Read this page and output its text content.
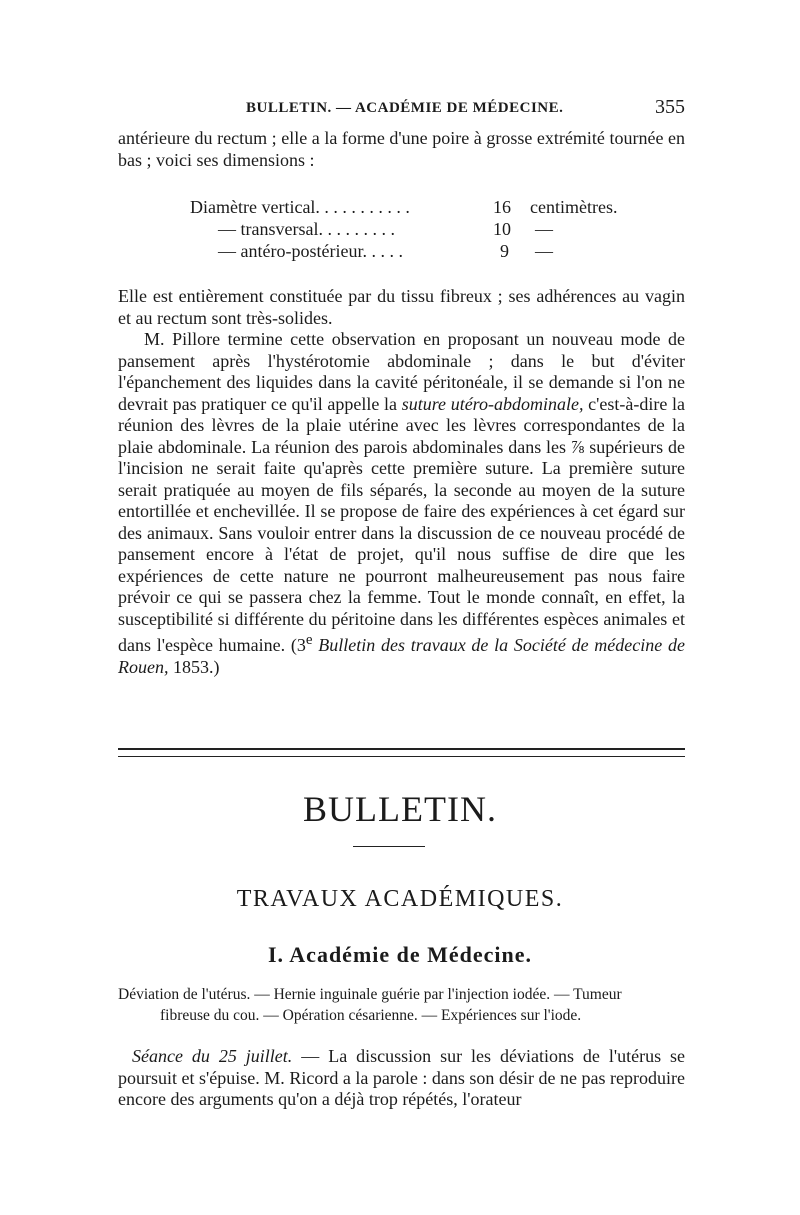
BULLETIN. — ACADÉMIE DE MÉDECINE.	355
antérieure du rectum ; elle a la forme d'une poire à grosse extrémité tournée en bas ; voici ses dimensions :
Diamètre vertical. . . . . . . . . . .	16 centimètres.
— transversal. . . . . . . . .	10 —
— antéro-postérieur. . . . .	9 —
Elle est entièrement constituée par du tissu fibreux ; ses adhérences au vagin et au rectum sont très-solides.
M. Pillore termine cette observation en proposant un nouveau mode de pansement après l'hystérotomie abdominale ; dans le but d'éviter l'épanchement des liquides dans la cavité péritonéale, il se demande si l'on ne devrait pas pratiquer ce qu'il appelle la suture utéro-abdominale, c'est-à-dire la réunion des lèvres de la plaie utérine avec les lèvres correspondantes de la plaie abdominale. La réunion des parois abdominales dans les ⅞ supérieurs de l'incision ne serait faite qu'après cette première suture. La première suture serait pratiquée au moyen de fils séparés, la seconde au moyen de la suture entortillée et enchevillée. Il se propose de faire des expériences à cet égard sur des animaux. Sans vouloir entrer dans la discussion de ce nouveau procédé de pansement encore à l'état de projet, qu'il nous suffise de dire que les expériences de cette nature ne pourront malheureusement pas nous faire prévoir ce qui se passera chez la femme. Tout le monde connaît, en effet, la susceptibilité si différente du péritoine dans les différentes espèces animales et dans l'espèce humaine. (3e Bulletin des travaux de la Société de médecine de Rouen, 1853.)
BULLETIN.
TRAVAUX ACADÉMIQUES.
I. Académie de Médecine.
Déviation de l'utérus. — Hernie inguinale guérie par l'injection iodée. — Tumeur
fibreuse du cou. — Opération césarienne. — Expériences sur l'iode.
Séance du 25 juillet. — La discussion sur les déviations de l'utérus se poursuit et s'épuise. M. Ricord a la parole : dans son désir de ne pas reproduire encore des arguments qu'on a déjà trop répétés, l'orateur
